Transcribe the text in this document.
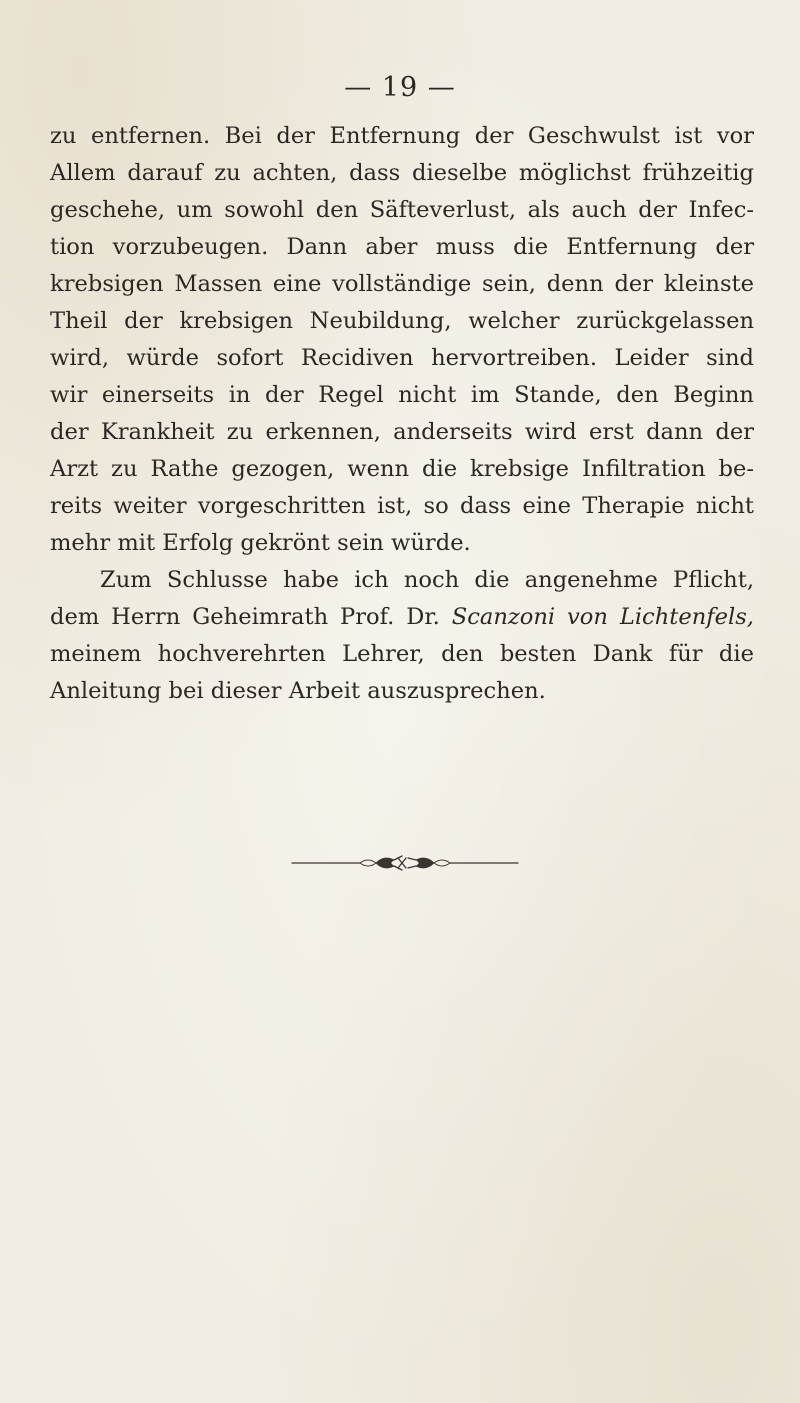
— 19 —
zu entfernen. Bei der Entfernung der Geschwulst ist vor
Allem darauf zu achten, dass dieselbe möglichst frühzeitig
geschehe, um sowohl den Säfteverlust, als auch der Infec-
tion vorzubeugen. Dann aber muss die Entfernung der
krebsigen Massen eine vollständige sein, denn der kleinste
Theil der krebsigen Neubildung, welcher zurückgelassen
wird, würde sofort Recidiven hervortreiben. Leider sind
wir einerseits in der Regel nicht im Stande, den Beginn
der Krankheit zu erkennen, anderseits wird erst dann der
Arzt zu Rathe gezogen, wenn die krebsige Infiltration be-
reits weiter vorgeschritten ist, so dass eine Therapie nicht
mehr mit Erfolg gekrönt sein würde.
Zum Schlusse habe ich noch die angenehme Pflicht,
dem Herrn Geheimrath Prof. Dr. Scanzoni von Lichtenfels,
meinem hochverehrten Lehrer, den besten Dank für die
Anleitung bei dieser Arbeit auszusprechen.
